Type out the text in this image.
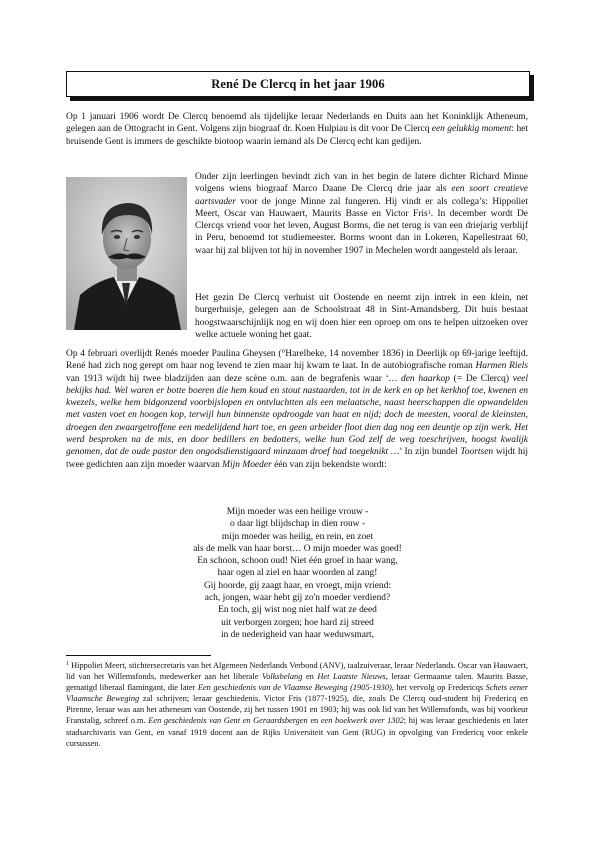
René De Clercq in het jaar 1906

Op 1 januari 1906 wordt De Clercq benoemd als tijdelijke leraar Nederlands en Duits aan het Koninklijk Atheneum, gelegen aan de Ottogracht in Gent. Volgens zijn biograaf dr. Koen Hulpiau is dit voor De Clercq een gelukkig moment: het bruisende Gent is immers de geschikte biotoop waarin iemand als De Clercq echt kan gedijen.

Onder zijn leerlingen bevindt zich van in het begin de latere dichter Richard Minne volgens wiens biograaf Marco Daane De Clercq drie jaar als een soort creatieve aartsvader voor de jonge Minne zal fungeren. Hij vindt er als collega’s: Hippoliet Meert, Oscar van Hauwaert, Maurits Basse en Victor Fris$^1$. In december wordt De Clercqs vriend voor het leven, August Borms, die net terug is van een driejarig verblijf in Peru, benoemd tot studiemeester. Borms woont dan in Lokeren, Kapellestraat 60, waar hij zal blijven tot hij in november 1907 in Mechelen wordt aangesteld als leraar.

Het gezin De Clercq verhuist uit Oostende en neemt zijn intrek in een klein, net burgerhuisje, gelegen aan de Schoolstraat 48 in Sint-Amandsberg. Dit huis bestaat hoogstwaarschijnlijk nog en wij doen hier een oproep om ons te helpen uitzoeken over welke actuele woning het gaat.

Op 4 februari overlijdt Renés moeder Paulina Gheysen (°Harelbeke, 14 november 1836) in Deerlijk op 69-jarige leeftijd. René had zich nog gerept om haar nog levend te zien maar hij kwam te laat. In de autobiografische roman Harmen Riels van 1913 wijdt hij twee bladzijden aan deze scène o.m. aan de begrafenis waar ‘… den haarkop (= De Clercq) veel bekijks had. Wel waren er botte boeren die hem koud en stout nastaarden, tot in de kerk en op het kerkhof toe, kwenen en kwezels, welke hem bidgonzend voorbijslopen en ontvluchtten als een melaatsche, naast heerschappen die opwandelden met vasten voet en hoogen kop, terwijl hun binnenste opdroogde van haat en nijd; doch de meesten, vooral de kleinsten, droegen den zwaargetroffene een medelijdend hart toe, en geen arbeider floot dien dag nog een deuntje op zijn werk. Het werd besproken na de mis, en door bedillers en bedotters, welke hun God zelf de weg toeschrijven, hoogst kwalijk genomen, dat de oude pastor den ongodsdienstigaard minzaam droef had toegeknikt …’ In zijn bundel Toortsen wijdt hij twee gedichten aan zijn moeder waarvan Mijn Moeder één van zijn bekendste wordt:

Mijn moeder was een heilige vrouw -
o daar ligt blijdschap in dien rouw -
mijn moeder was heilig, en rein, en zoet
als de melk van haar borst… O mijn moeder was goed!
En schoon, schoon oud! Niet één groef in haar wang,
haar ogen al ziel en haar woorden al zang!
Gij hoorde, gij zaagt haar, en vroegt, mijn vriend:
ach, jongen, waar hebt gij zo'n moeder verdiend?
En toch, gij wist nog niet half wat ze deed
uit verborgen zorgen; hoe hard zij streed
in de nederigheid van haar weduwsmart,

$^1$ Hippoliet Meert, stichtersecretaris van het Algemeen Nederlands Verbond (ANV), taalzuiveraar, leraar Nederlands. Oscar van Hauwaert, lid van het Willemsfonds, medewerker aan het liberale Volksbelang en Het Laatste Nieuws, leraar Germaanse talen. Maurits Basse, gematigd liberaal flamingant, die later Een geschiedenis van de Vlaamse Beweging (1905-1930), het vervolg op Fredericqs Schets eener Vlaamsche Beweging zal schrijven; leraar geschiedenis. Victor Fris (1877-1925), die, zoals De Clercq oud-student bij Fredericq en Pirenne, leraar was aan het atheneum van Oostende, zij het tussen 1901 en 1903; hij was ook lid van het Willemsfonds, was bij voorkeur Franstalig, schreef o.m. Een geschiedenis van Gent en Geraardsbergen en een boekwerk over 1302; hij was leraar geschiedenis en later stadsarchivaris van Gent, en vanaf 1919 docent aan de Rijks Universiteit van Gent (RUG) in opvolging van Fredericq voor enkele cursussen.
